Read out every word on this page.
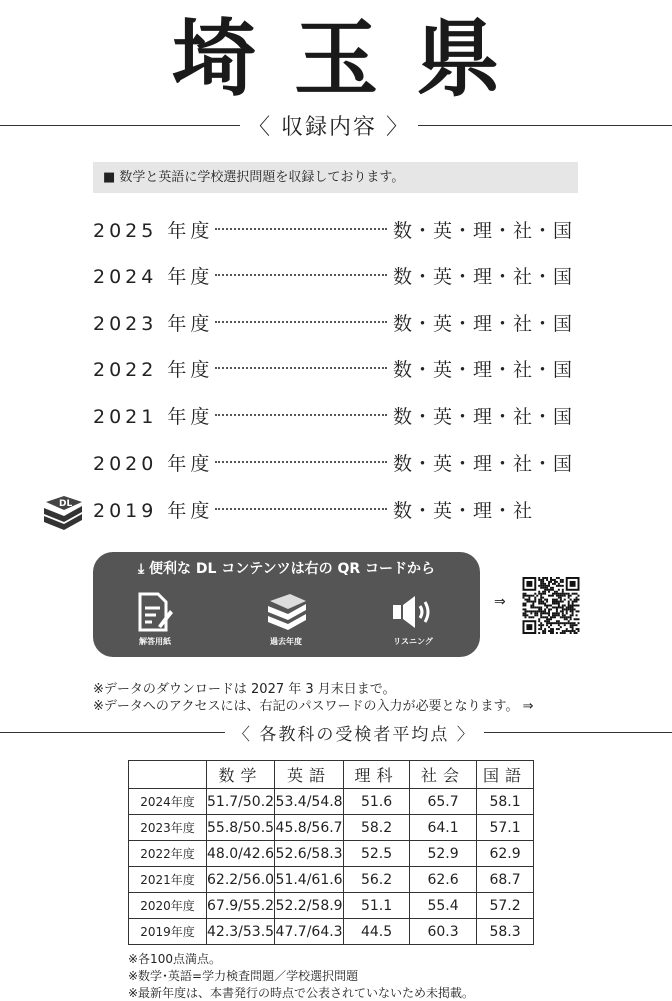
埼玉県
〈 収録内容 〉
■ 数学と英語に学校選択問題を収録しております。
2025 年度	数・英・理・社・国
2024 年度	数・英・理・社・国
2023 年度	数・英・理・社・国
2022 年度	数・英・理・社・国
2021 年度	数・英・理・社・国
2020 年度	数・英・理・社・国
2019 年度	数・英・理・社
DL
⤓ 便利な DL コンテンツは右の QR コードから
解答用紙	過去年度	リスニング
⇒
※データのダウンロードは 2027 年 3 月末日まで。
※データへのアクセスには、右記のパスワードの入力が必要となります。 ⇒
〈 各教科の受検者平均点 〉
	数学	英語	理科	社会	国語
2024年度	51.7/50.2	53.4/54.8	51.6	65.7	58.1
2023年度	55.8/50.5	45.8/56.7	58.2	64.1	57.1
2022年度	48.0/42.6	52.6/58.3	52.5	52.9	62.9
2021年度	62.2/56.0	51.4/61.6	56.2	62.6	68.7
2020年度	67.9/55.2	52.2/58.9	51.1	55.4	57.2
2019年度	42.3/53.5	47.7/64.3	44.5	60.3	58.3
※各100点満点。
※数学･英語=学力検査問題／学校選択問題
※最新年度は、本書発行の時点で公表されていないため未掲載。
